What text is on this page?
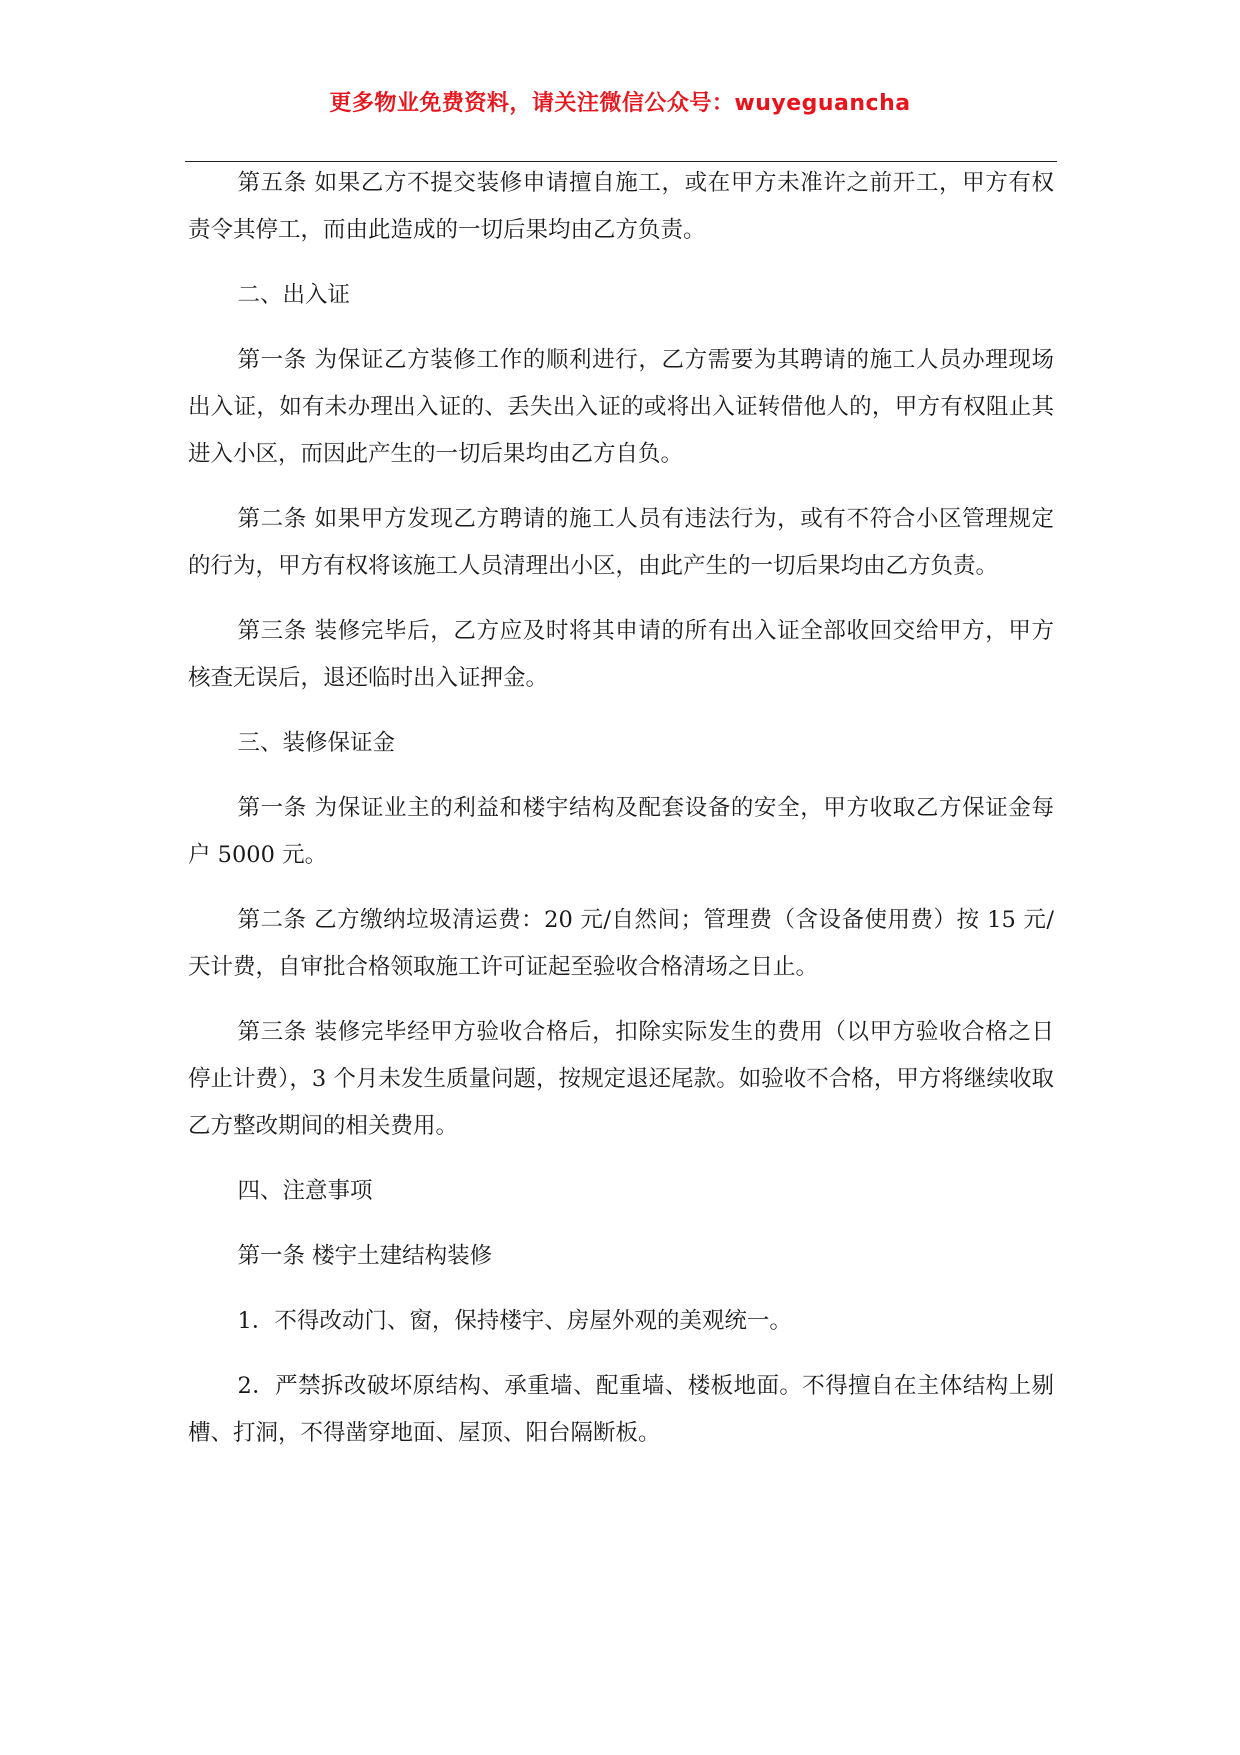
更多物业免费资料，请关注微信公众号：wuyeguancha

第五条 如果乙方不提交装修申请擅自施工，或在甲方未准许之前开工，甲方有权责令其停工，而由此造成的一切后果均由乙方负责。

二、出入证

第一条 为保证乙方装修工作的顺利进行，乙方需要为其聘请的施工人员办理现场出入证，如有未办理出入证的、丢失出入证的或将出入证转借他人的，甲方有权阻止其进入小区，而因此产生的一切后果均由乙方自负。

第二条 如果甲方发现乙方聘请的施工人员有违法行为，或有不符合小区管理规定的行为，甲方有权将该施工人员清理出小区，由此产生的一切后果均由乙方负责。

第三条 装修完毕后，乙方应及时将其申请的所有出入证全部收回交给甲方，甲方核查无误后，退还临时出入证押金。

三、装修保证金

第一条 为保证业主的利益和楼宇结构及配套设备的安全，甲方收取乙方保证金每户 5000 元。

第二条 乙方缴纳垃圾清运费：20 元/自然间；管理费（含设备使用费）按 15 元/天计费，自审批合格领取施工许可证起至验收合格清场之日止。

第三条 装修完毕经甲方验收合格后，扣除实际发生的费用（以甲方验收合格之日停止计费），3 个月未发生质量问题，按规定退还尾款。如验收不合格，甲方将继续收取乙方整改期间的相关费用。

四、注意事项

第一条 楼宇土建结构装修

1．不得改动门、窗，保持楼宇、房屋外观的美观统一。

2．严禁拆改破坏原结构、承重墙、配重墙、楼板地面。不得擅自在主体结构上剔槽、打洞，不得凿穿地面、屋顶、阳台隔断板。
